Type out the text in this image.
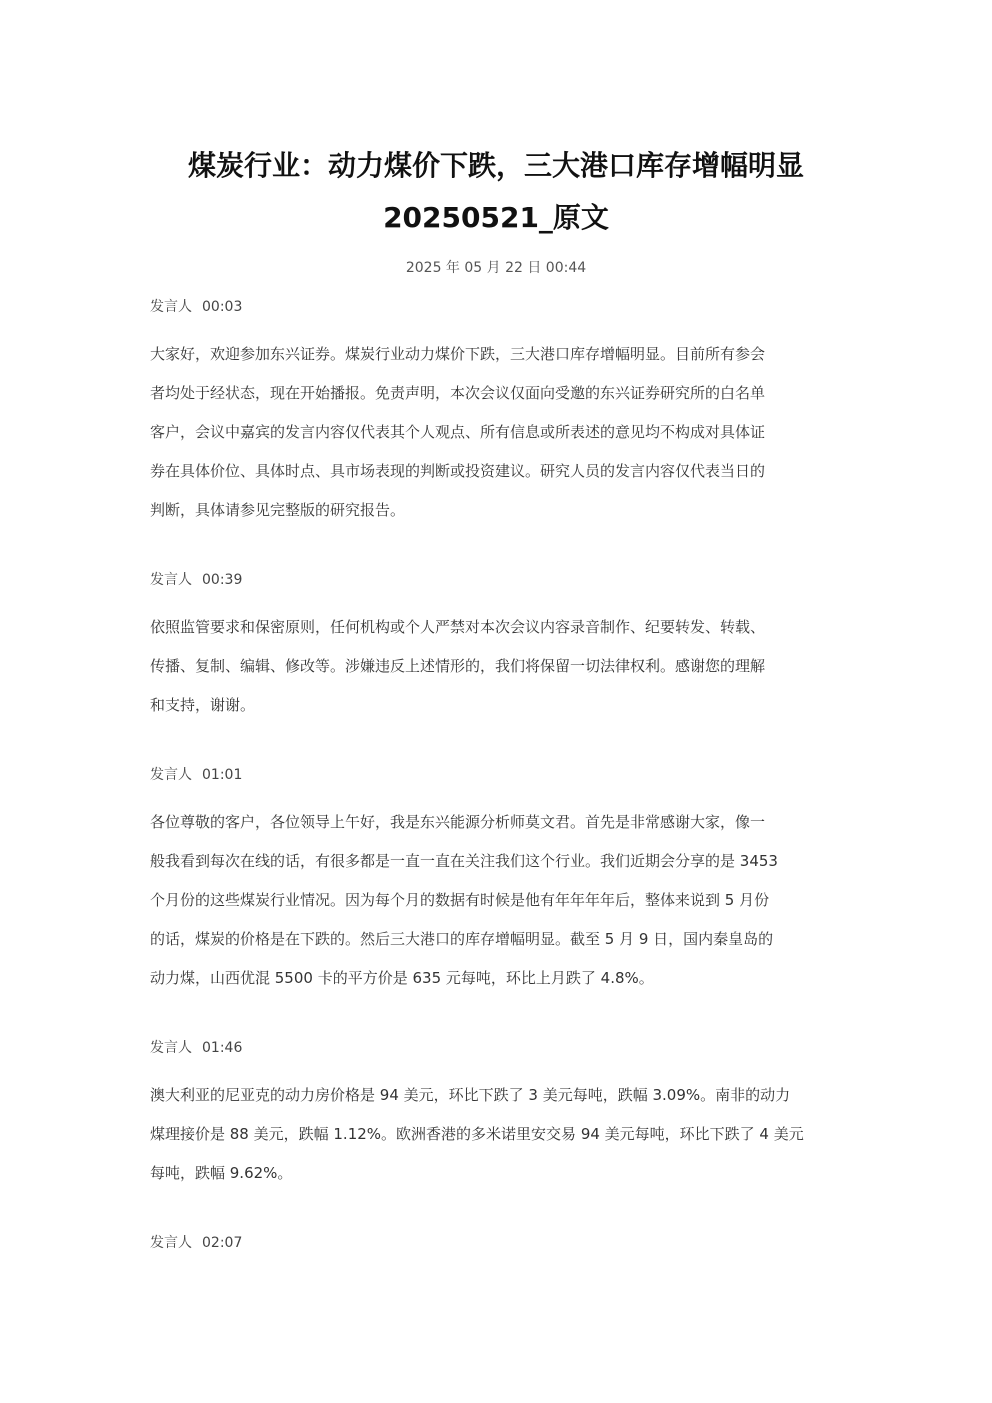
煤炭行业：动力煤价下跌，三大港口库存增幅明显
20250521_原文
2025 年 05 月 22 日 00:44
发言人 00:03
大家好，欢迎参加东兴证券。煤炭行业动力煤价下跌，三大港口库存增幅明显。目前所有参会
者均处于经状态，现在开始播报。免责声明，本次会议仅面向受邀的东兴证券研究所的白名单
客户，会议中嘉宾的发言内容仅代表其个人观点、所有信息或所表述的意见均不构成对具体证
券在具体价位、具体时点、具市场表现的判断或投资建议。研究人员的发言内容仅代表当日的
判断，具体请参见完整版的研究报告。
发言人 00:39
依照监管要求和保密原则，任何机构或个人严禁对本次会议内容录音制作、纪要转发、转载、
传播、复制、编辑、修改等。涉嫌违反上述情形的，我们将保留一切法律权利。感谢您的理解
和支持，谢谢。
发言人 01:01
各位尊敬的客户，各位领导上午好，我是东兴能源分析师莫文君。首先是非常感谢大家，像一
般我看到每次在线的话，有很多都是一直一直在关注我们这个行业。我们近期会分享的是 3453
个月份的这些煤炭行业情况。因为每个月的数据有时候是他有年年年年后，整体来说到 5 月份
的话，煤炭的价格是在下跌的。然后三大港口的库存增幅明显。截至 5 月 9 日，国内秦皇岛的
动力煤，山西优混 5500 卡的平方价是 635 元每吨，环比上月跌了 4.8%。
发言人 01:46
澳大利亚的尼亚克的动力房价格是 94 美元，环比下跌了 3 美元每吨，跌幅 3.09%。南非的动力
煤理接价是 88 美元，跌幅 1.12%。欧洲香港的多米诺里安交易 94 美元每吨，环比下跌了 4 美元
每吨，跌幅 9.62%。
发言人 02:07
